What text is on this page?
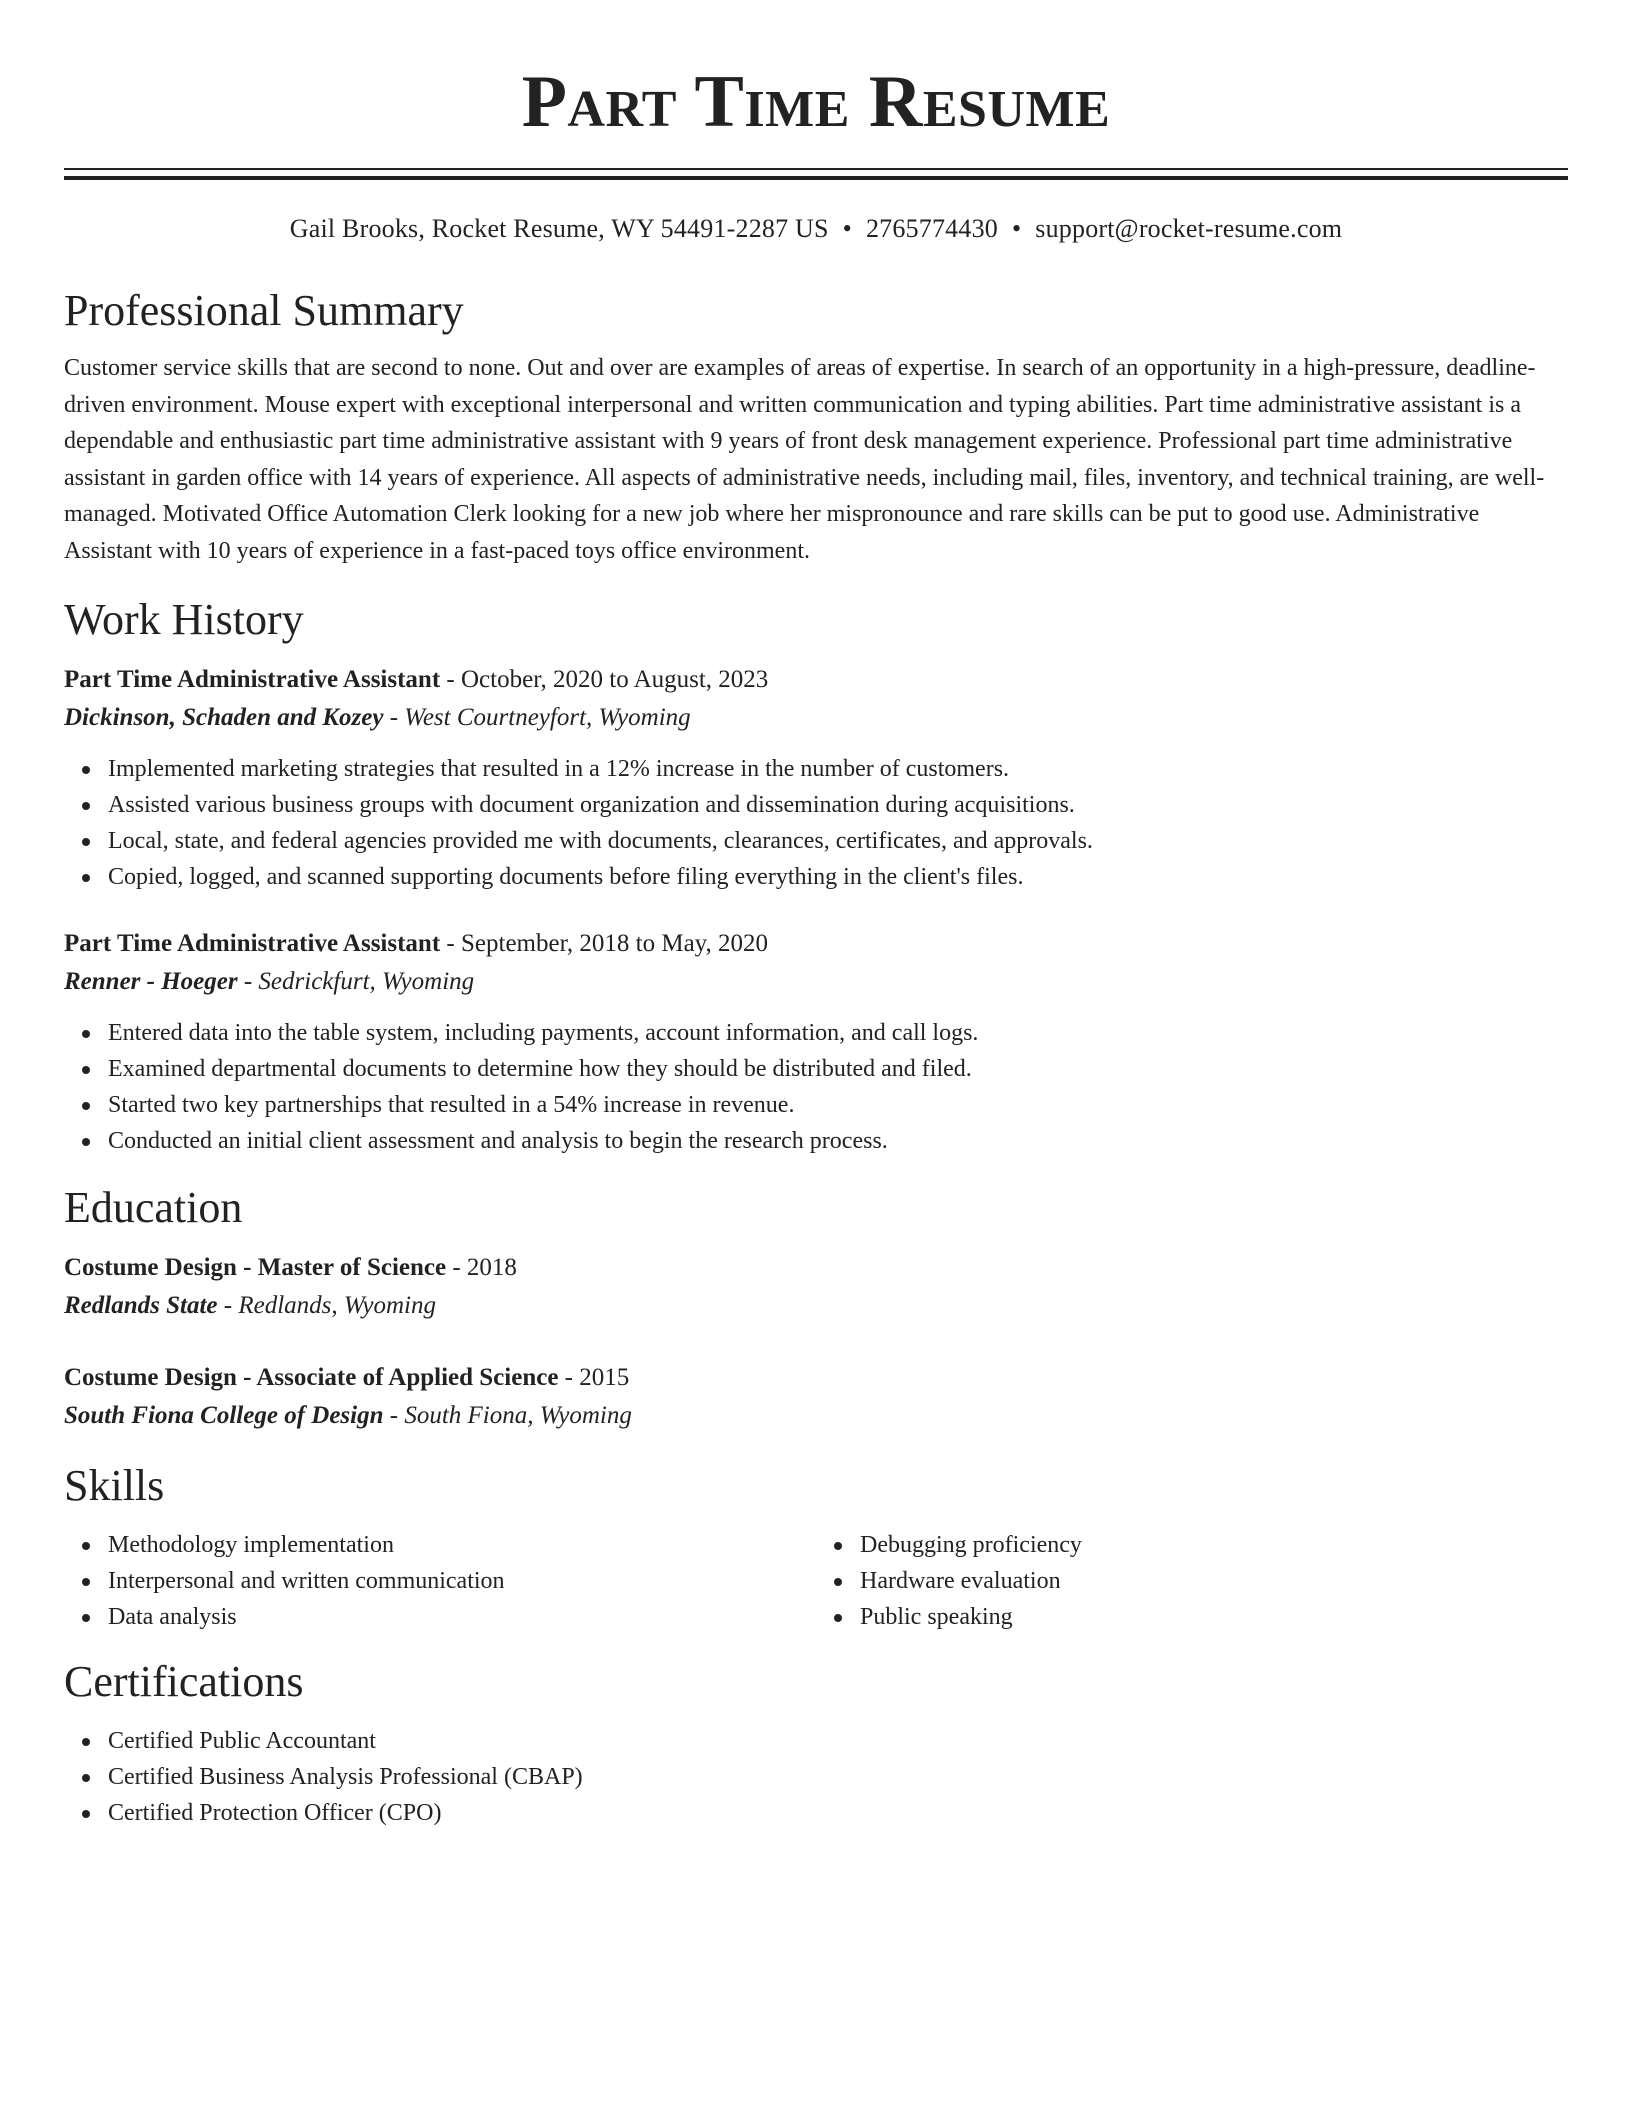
Part Time Resume
Gail Brooks, Rocket Resume, WY 54491-2287 US • 2765774430 • support@rocket-resume.com
Professional Summary
Customer service skills that are second to none. Out and over are examples of areas of expertise. In search of an opportunity in a high-pressure, deadline-driven environment. Mouse expert with exceptional interpersonal and written communication and typing abilities. Part time administrative assistant is a dependable and enthusiastic part time administrative assistant with 9 years of front desk management experience. Professional part time administrative assistant in garden office with 14 years of experience. All aspects of administrative needs, including mail, files, inventory, and technical training, are well-managed. Motivated Office Automation Clerk looking for a new job where her mispronounce and rare skills can be put to good use. Administrative Assistant with 10 years of experience in a fast-paced toys office environment.
Work History
Part Time Administrative Assistant - October, 2020 to August, 2023
Dickinson, Schaden and Kozey - West Courtneyfort, Wyoming
Implemented marketing strategies that resulted in a 12% increase in the number of customers.
Assisted various business groups with document organization and dissemination during acquisitions.
Local, state, and federal agencies provided me with documents, clearances, certificates, and approvals.
Copied, logged, and scanned supporting documents before filing everything in the client's files.
Part Time Administrative Assistant - September, 2018 to May, 2020
Renner - Hoeger - Sedrickfurt, Wyoming
Entered data into the table system, including payments, account information, and call logs.
Examined departmental documents to determine how they should be distributed and filed.
Started two key partnerships that resulted in a 54% increase in revenue.
Conducted an initial client assessment and analysis to begin the research process.
Education
Costume Design - Master of Science - 2018
Redlands State - Redlands, Wyoming
Costume Design - Associate of Applied Science - 2015
South Fiona College of Design - South Fiona, Wyoming
Skills
Methodology implementation
Interpersonal and written communication
Data analysis
Debugging proficiency
Hardware evaluation
Public speaking
Certifications
Certified Public Accountant
Certified Business Analysis Professional (CBAP)
Certified Protection Officer (CPO)
